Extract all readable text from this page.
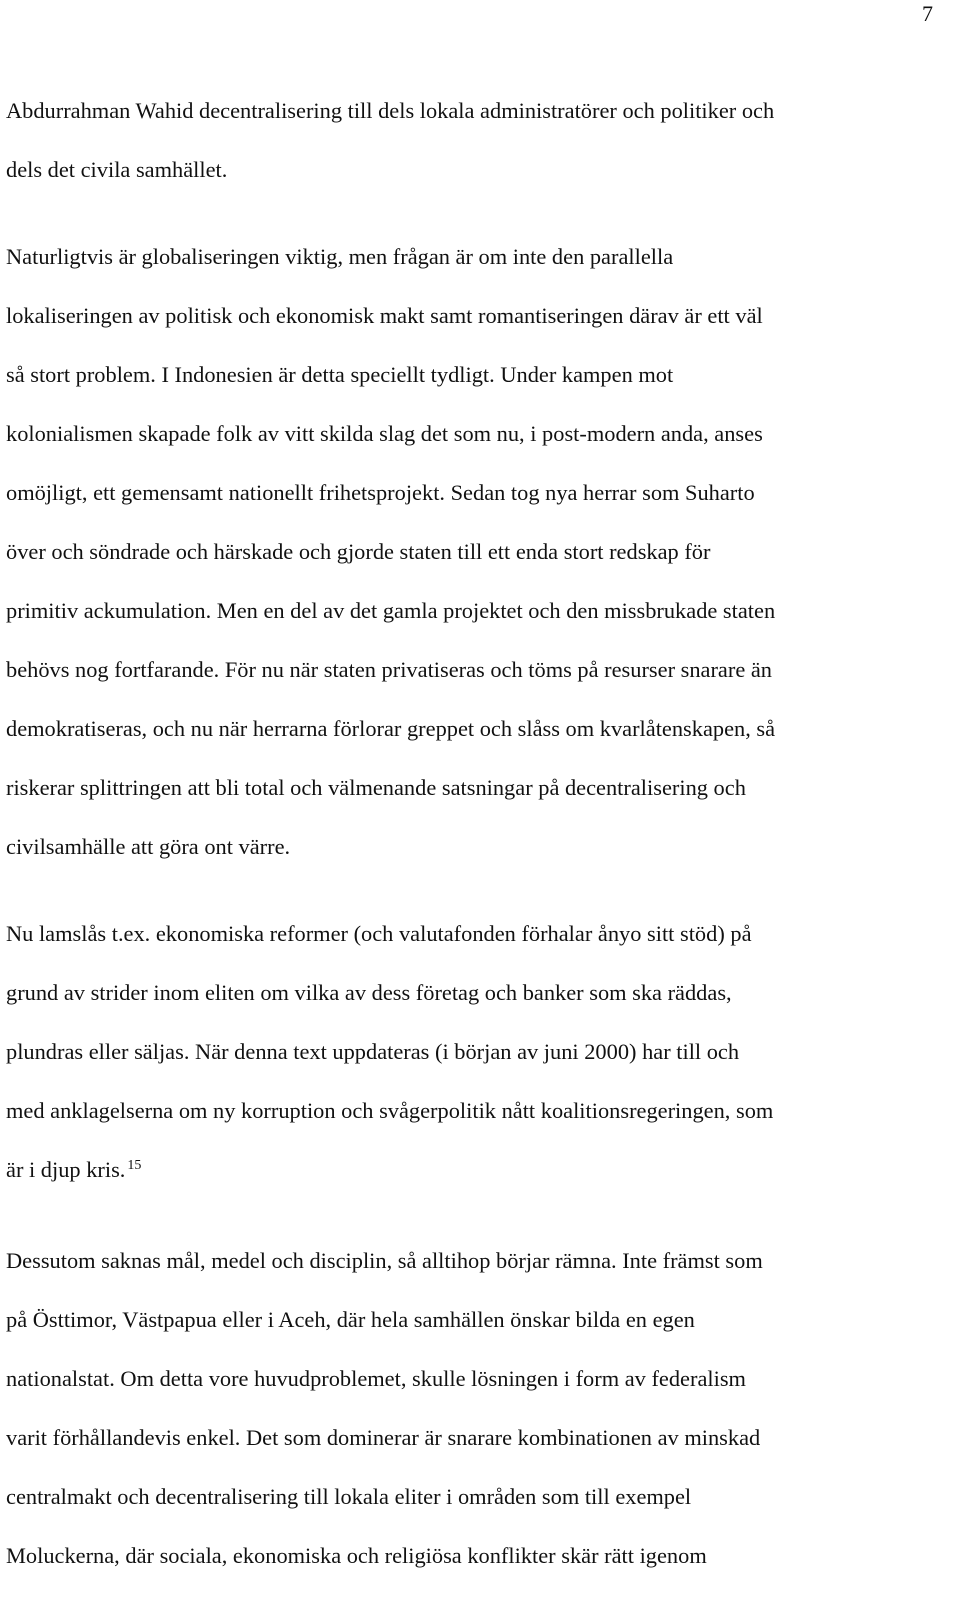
7
Abdurrahman Wahid decentralisering till dels lokala administratörer och politiker och
dels det civila samhället.
Naturligtvis är globaliseringen viktig, men frågan är om inte den parallella
lokaliseringen av politisk och ekonomisk makt samt romantiseringen därav är ett väl
så stort problem. I Indonesien är detta speciellt tydligt. Under kampen mot
kolonialismen skapade folk av vitt skilda slag det som nu, i post-modern anda, anses
omöjligt, ett gemensamt nationellt frihetsprojekt. Sedan tog nya herrar som Suharto
över och söndrade och härskade och gjorde staten till ett enda stort redskap för
primitiv ackumulation. Men en del av det gamla projektet och den missbrukade staten
behövs nog fortfarande. För nu när staten privatiseras och töms på resurser snarare än
demokratiseras, och nu när herrarna förlorar greppet och slåss om kvarlåtenskapen, så
riskerar splittringen att bli total och välmenande satsningar på decentralisering och
civilsamhälle att göra ont värre.
Nu lamslås t.ex. ekonomiska reformer (och valutafonden förhalar ånyo sitt stöd) på
grund av strider inom eliten om vilka av dess företag och banker som ska räddas,
plundras eller säljas. När denna text uppdateras (i början av juni 2000) har till och
med anklagelserna om ny korruption och svågerpolitik nått koalitionsregeringen, som
är i djup kris. $^{15}$
Dessutom saknas mål, medel och disciplin, så alltihop börjar rämna. Inte främst som
på Östtimor, Västpapua eller i Aceh, där hela samhällen önskar bilda en egen
nationalstat. Om detta vore huvudproblemet, skulle lösningen i form av federalism
varit förhållandevis enkel. Det som dominerar är snarare kombinationen av minskad
centralmakt och decentralisering till lokala eliter i områden som till exempel
Moluckerna, där sociala, ekonomiska och religiösa konflikter skär rätt igenom
